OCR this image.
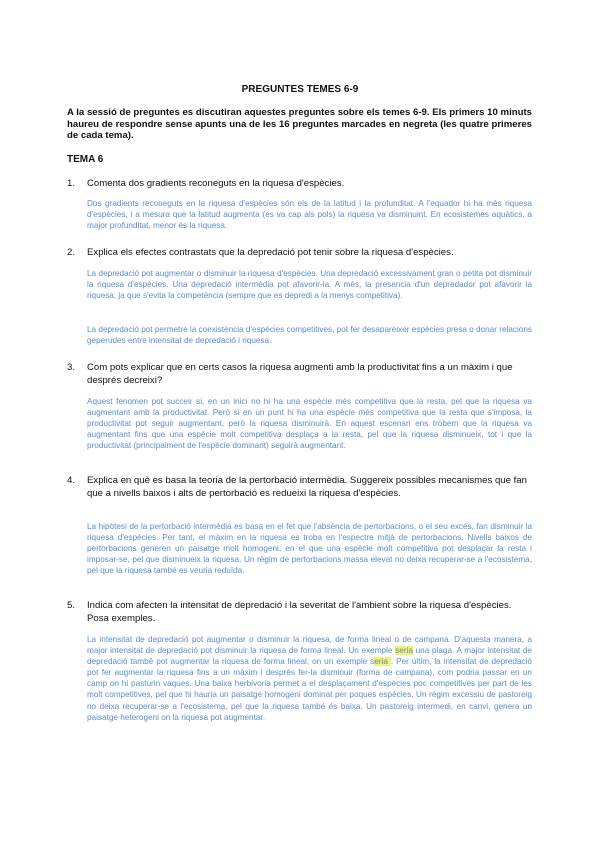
PREGUNTES TEMES 6-9
A la sessió de preguntes es discutiran aquestes preguntes sobre els temes 6-9. Els primers 10 minuts haureu de respondre sense apunts una de les 16 preguntes marcades en negreta (les quatre primeres de cada tema).
TEMA 6
1.	Comenta dos gradients reconeguts en la riquesa d'espècies.
Dos gradients reconeguts en la riquesa d'espècies són els de la latitud i la profunditat. A l'equador hi ha més riquesa d'espècies, i a mesura que la latitud augmenta (es va cap als pols) la riquesa va disminuint. En ecosistemes aquàtics, a major profunditat, menor és la riquesa.
2.	Explica els efectes contrastats que la depredació pot tenir sobre la riquesa d'espècies.
La depredació pot augmentar o disminuir la riquesa d'espècies. Una depredació excessivament gran o petita pot disminuir la riquesa d'espècies. Una depredació intermèdia pot afavorir-la. A més, la presencia d'un depredador pot afavorir la riquesa, ja que s'evita la competència (sempre que es depredi a la menys competitiva).
La depredació pot permetre la coexistència d'espècies competitives, pot fer desaparèixer espècies presa o donar relacions geperudes entre intensitat de depredació i riquesa.
3.	Com pots explicar que en certs casos la riquesa augmenti amb la productivitat fins a un màxim i que després decreixi?
Aquest fenomen pot succeir si, en un inici no hi ha una espècie més competitiva que la resta, pel que la riquesa va augmentant amb la productivitat. Però si en un punt hi ha una espècie més competitiva que la resta que s'imposa, la productivitat pot seguir augmentant, però la riquesa disminuirà. En aquest escenari ens trobem que la riquesa va augmentant fins que una espècie molt competitiva desplaça a la resta, pel que la riquesa disminueix, tot i que la productivitat (principalment de l'espècie dominant) seguirà augmentant.
4.	Explica en què es basa la teoria de la pertorbació intermèdia. Suggereix possibles mecanismes que fan que a nivells baixos i alts de pertorbació es redueixi la riquesa d'espècies.
La hipòtesi de la pertorbació intermèdia es basa en el fet que l'absència de pertorbacions, o el seu excés, fan disminuir la riquesa d'espècies. Per tant, el màxim en la riquesa es troba en l'espectre mitjà de pertorbacions. Nivells baixos de pertorbacions generen un paisatge molt homogeni, en el que una espècie molt competitiva pot desplaçar la resta i imposar-se, pel que disminueix la riquesa. Un règim de pertorbacions massa elevat no deixa recuperar-se a l'ecosistema, pel que la riquesa també es veuria reduïda.
5.	Indica com afecten la intensitat de depredació i la severitat de l'ambient sobre la riquesa d'espècies. Posa exemples.
La intensitat de depredació pot augmentar o disminuir la riquesa, de forma lineal o de campana. D'aquesta manera, a major intensitat de depredació pot disminuir la riquesa de forma lineal. Un exemple seria una plaga. A major intensitat de depredació també pot augmentar la riquesa de forma lineal, on un exemple seria . Per últim, la intensitat de depredació pot fer augmentar la riquesa fins a un màxim i després fer-la disminuir (forma de campana), com podria passar en un camp on hi pasturin vaques. Una baixa herbivoria permet a el desplaçament d'espècies poc competitives per part de les molt competitives, pel que hi hauria un paisatge homogeni dominat per poques espècies. Un règim excessiu de pastoreig no deixa recuperar-se a l'ecosistema, pel que la riquesa també és baixa. Un pastoreig intermedi, en canvi, genera un paisatge heterogeni on la riquesa pot augmentar.
